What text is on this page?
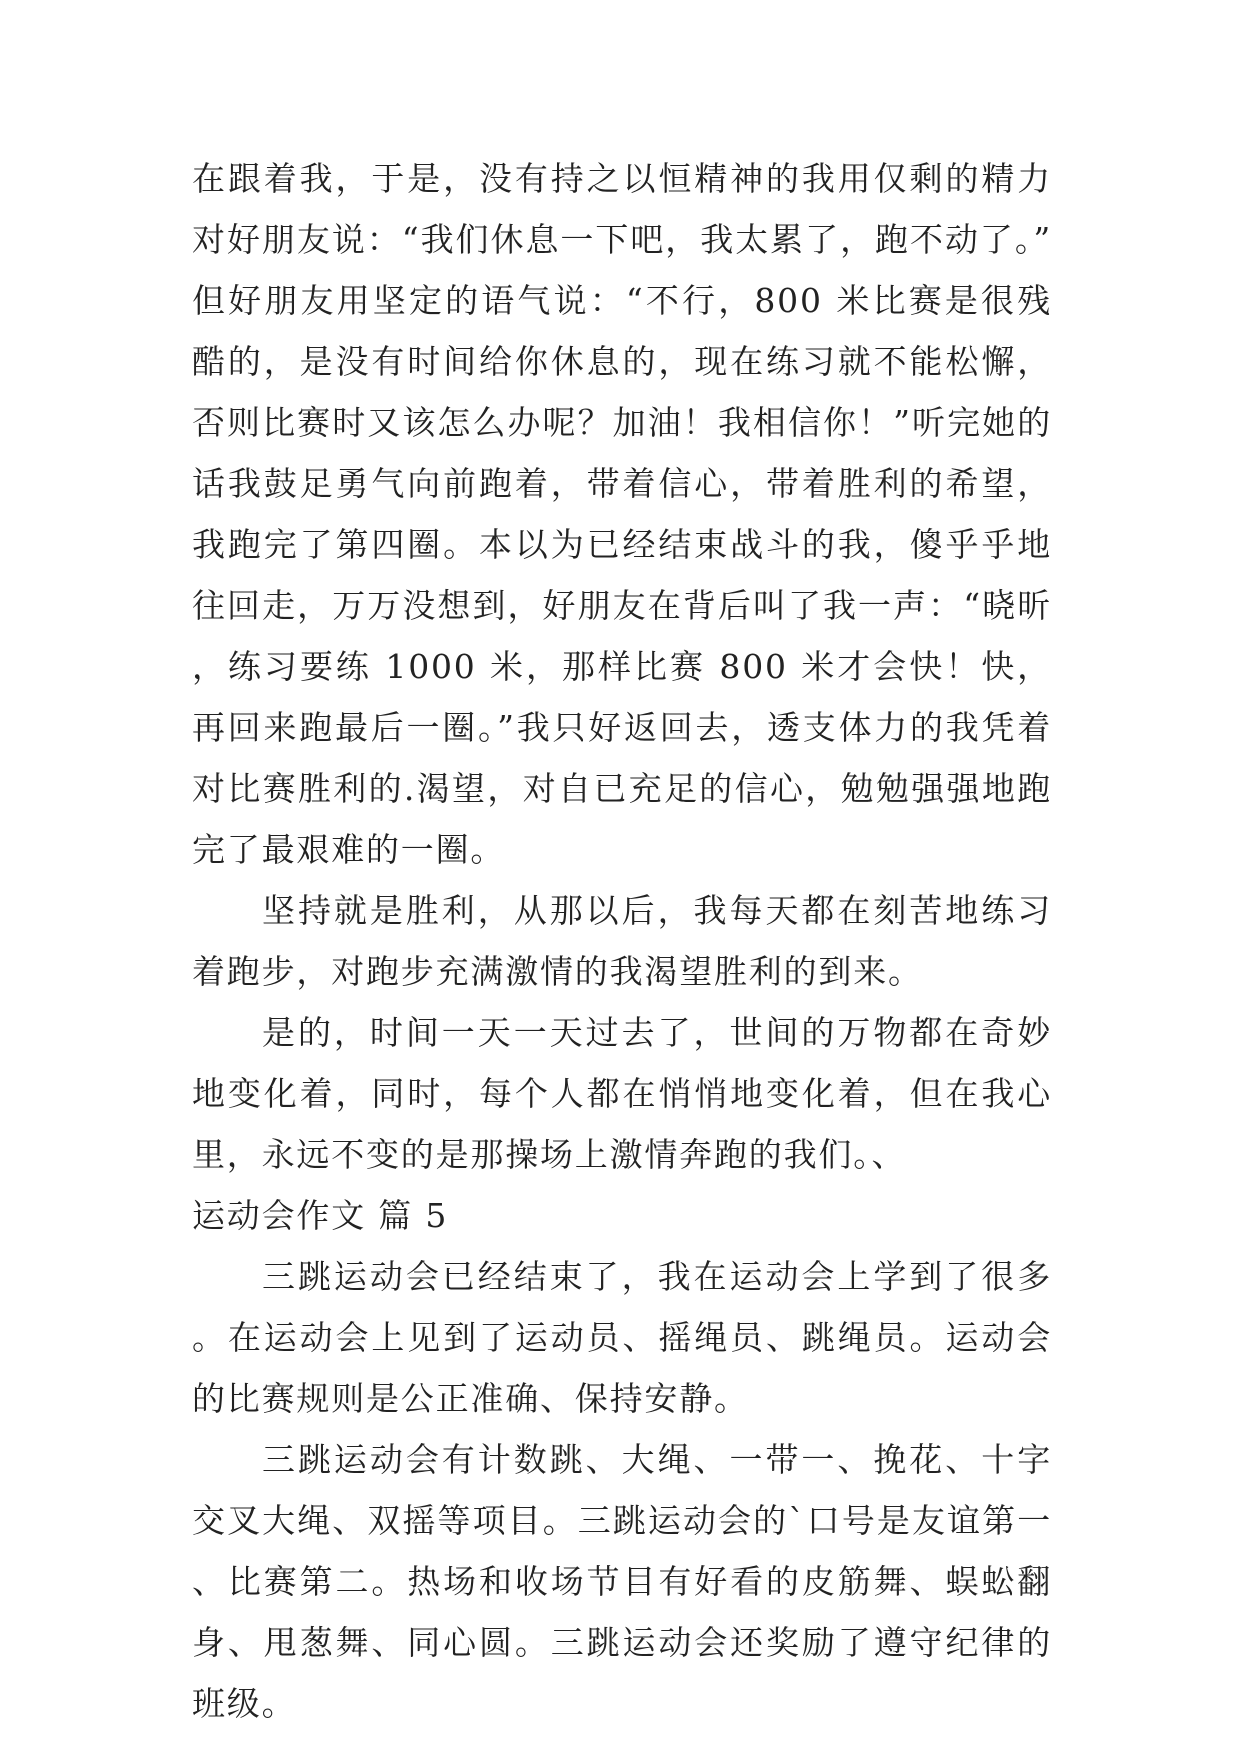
在跟着我，于是，没有持之以恒精神的我用仅剩的精力对好朋友说：“我们休息一下吧，我太累了，跑不动了。”但好朋友用坚定的语气说：“不行，800 米比赛是很残酷的，是没有时间给你休息的，现在练习就不能松懈，否则比赛时又该怎么办呢？加油！我相信你！”听完她的话我鼓足勇气向前跑着，带着信心，带着胜利的希望，我跑完了第四圈。本以为已经结束战斗的我，傻乎乎地往回走，万万没想到，好朋友在背后叫了我一声：“晓昕，练习要练 1000 米，那样比赛 800 米才会快！快，再回来跑最后一圈。”我只好返回去，透支体力的我凭着对比赛胜利的.渴望，对自已充足的信心，勉勉强强地跑完了最艰难的一圈。

坚持就是胜利，从那以后，我每天都在刻苦地练习着跑步，对跑步充满激情的我渴望胜利的到来。

是的，时间一天一天过去了，世间的万物都在奇妙地变化着，同时，每个人都在悄悄地变化着，但在我心里，永远不变的是那操场上激情奔跑的我们。、

运动会作文 篇 5

三跳运动会已经结束了，我在运动会上学到了很多。在运动会上见到了运动员、摇绳员、跳绳员。运动会的比赛规则是公正准确、保持安静。

三跳运动会有计数跳、大绳、一带一、挽花、十字交叉大绳、双摇等项目。三跳运动会的`口号是友谊第一、比赛第二。热场和收场节目有好看的皮筋舞、蜈蚣翻身、甩葱舞、同心圆。三跳运动会还奖励了遵守纪律的班级。
